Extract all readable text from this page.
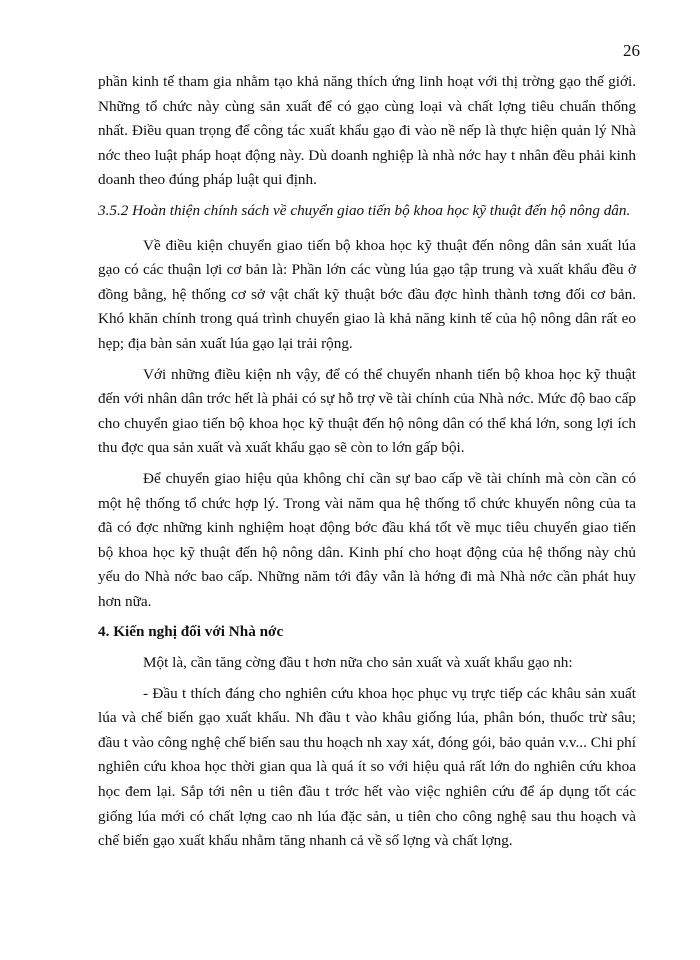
26

phần kinh tế tham gia nhằm tạo khả năng thích ứng linh hoạt với thị trờng gạo thế giới. Những tổ chức này cùng sản xuất để có gạo cùng loại và chất lợng tiêu chuẩn thống nhất. Điều quan trọng để công tác xuất khẩu gạo đi vào nề nếp là thực hiện quản lý Nhà nớc theo luật pháp hoạt động này. Dù doanh nghiệp là nhà nớc hay t nhân đều phải kinh doanh theo đúng pháp luật qui định.

3.5.2 Hoàn thiện chính sách về chuyển giao tiến bộ khoa học kỹ thuật đến hộ nông dân.

Về điều kiện chuyển giao tiến bộ khoa học kỹ thuật đến nông dân sản xuất lúa gạo có các thuận lợi cơ bản là: Phần lớn các vùng lúa gạo tập trung và xuất khẩu đều ở đồng bằng, hệ thống cơ sở vật chất kỹ thuật bớc đầu đợc hình thành tơng đối cơ bản. Khó khăn chính trong quá trình chuyển giao là khả năng kinh tế của hộ nông dân rất eo hẹp; địa bàn sản xuất lúa gạo lại trải rộng.

Với những điều kiện nh vậy, để có thể chuyển nhanh tiến bộ khoa học kỹ thuật đến với nhân dân trớc hết là phải có sự hỗ trợ về tài chính của Nhà nớc. Mức độ bao cấp cho chuyển giao tiến bộ khoa học kỹ thuật đến hộ nông dân có thể khá lớn, song lợi ích thu đợc qua sản xuất và xuất khẩu gạo sẽ còn to lớn gấp bội.

Để chuyển giao hiệu qủa không chỉ cần sự bao cấp về tài chính mà còn cần có một hệ thống tổ chức hợp lý. Trong vài năm qua hệ thống tổ chức khuyến nông của ta đã có đợc những kinh nghiệm hoạt động bớc đầu khá tốt về mục tiêu chuyển giao tiến bộ khoa học kỹ thuật đến hộ nông dân. Kinh phí cho hoạt động của hệ thống này chủ yếu do Nhà nớc bao cấp. Những năm tới đây vẫn là hớng đi mà Nhà nớc cần phát huy hơn nữa.

4. Kiến nghị đối với Nhà nớc

Một là, cần tăng cờng đầu t hơn nữa cho sản xuất và xuất khẩu gạo nh:

- Đầu t thích đáng cho nghiên cứu khoa học phục vụ trực tiếp các khâu sản xuất lúa và chế biến gạo xuất khẩu. Nh đầu t vào khâu giống lúa, phân bón, thuốc trừ sâu; đầu t vào công nghệ chế biến sau thu hoạch nh xay xát, đóng gói, bảo quản v.v... Chi phí nghiên cứu khoa học thời gian qua là quá ít so với hiệu quả rất lớn do nghiên cứu khoa học đem lại. Sắp tới nên u tiên đầu t trớc hết vào việc nghiên cứu để áp dụng tốt các giống lúa mới có chất lợng cao nh lúa đặc sản, u tiên cho công nghệ sau thu hoạch và chế biến gạo xuất khẩu nhằm tăng nhanh cả về số lợng và chất lợng.
